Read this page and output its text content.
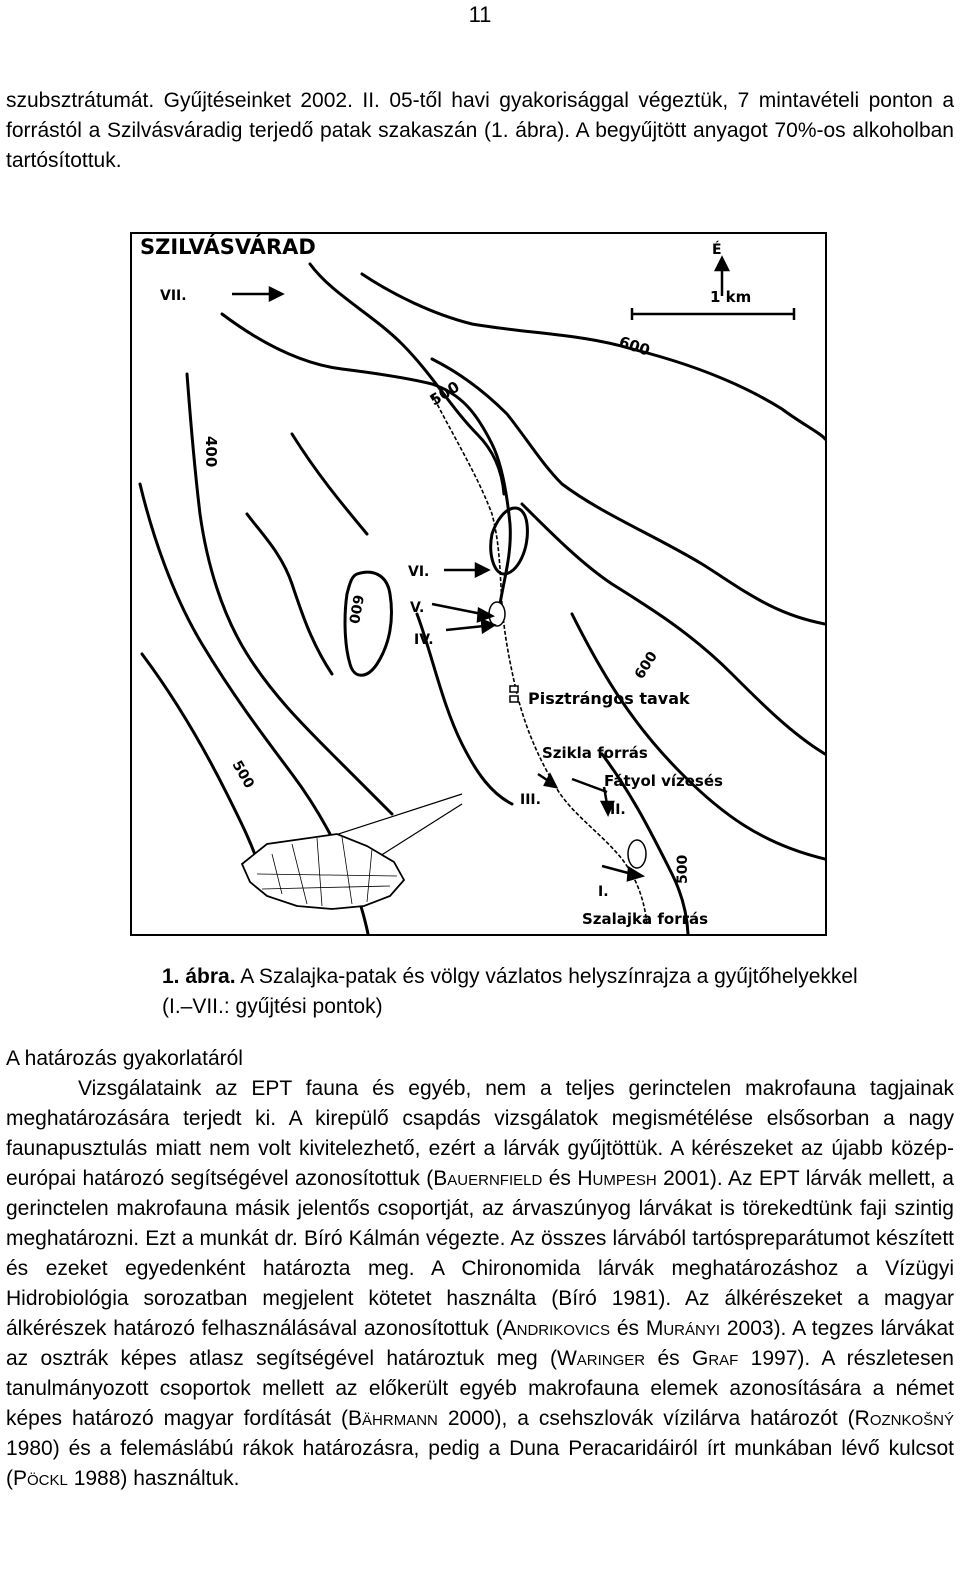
11
szubsztrátumát. Gyűjtéseinket 2002. II. 05-től havi gyakorisággal végeztük, 7 mintavételi ponton a forrástól a Szilvásváradig terjedő patak szakaszán (1. ábra). A begyűjtött anyagot 70%-os alkoholban tartósítottuk.
SZILVÁSVÁRAD	É
1 km
VII.
VI.
V.
IV.
III.
II.
I.
Pisztrángos tavak
Szikla forrás
Fátyol vízesés
Szalajka forrás
600
500
400
600
600
500
500
1. ábra. A Szalajka-patak és völgy vázlatos helyszínrajza a gyűjtőhelyekkel (I.–VII.: gyűjtési pontok)
A határozás gyakorlatáról
Vizsgálataink az EPT fauna és egyéb, nem a teljes gerinctelen makrofauna tagjainak meghatározására terjedt ki. A kirepülő csapdás vizsgálatok megismétélése elsősorban a nagy faunapusztulás miatt nem volt kivitelezhető, ezért a lárvák gyűjtöttük. A kérészeket az újabb közép-európai határozó segítségével azonosítottuk (Bauernfield és Humpesh 2001). Az EPT lárvák mellett, a gerinctelen makrofauna másik jelentős csoportját, az árvaszúnyog lárvákat is törekedtünk faji szintig meghatározni. Ezt a munkát dr. Bíró Kálmán végezte. Az összes lárvából tartóspreparátumot készített és ezeket egyedenként határozta meg. A Chironomida lárvák meghatározáshoz a Vízügyi Hidrobiológia sorozatban megjelent kötetet használta (Bíró 1981). Az álkérészeket a magyar álkérészek határozó felhasználásával azonosítottuk (Andrikovics és Murányi 2003). A tegzes lárvákat az osztrák képes atlasz segítségével határoztuk meg (Waringer és Graf 1997). A részletesen tanulmányozott csoportok mellett az előkerült egyéb makrofauna elemek azonosítására a német képes határozó magyar fordítását (Bährmann 2000), a csehszlovák vízilárva határozót (Roznkošný 1980) és a felemáslábú rákok határozásra, pedig a Duna Peracaridáiról írt munkában lévő kulcsot (Pöckl 1988) használtuk.
